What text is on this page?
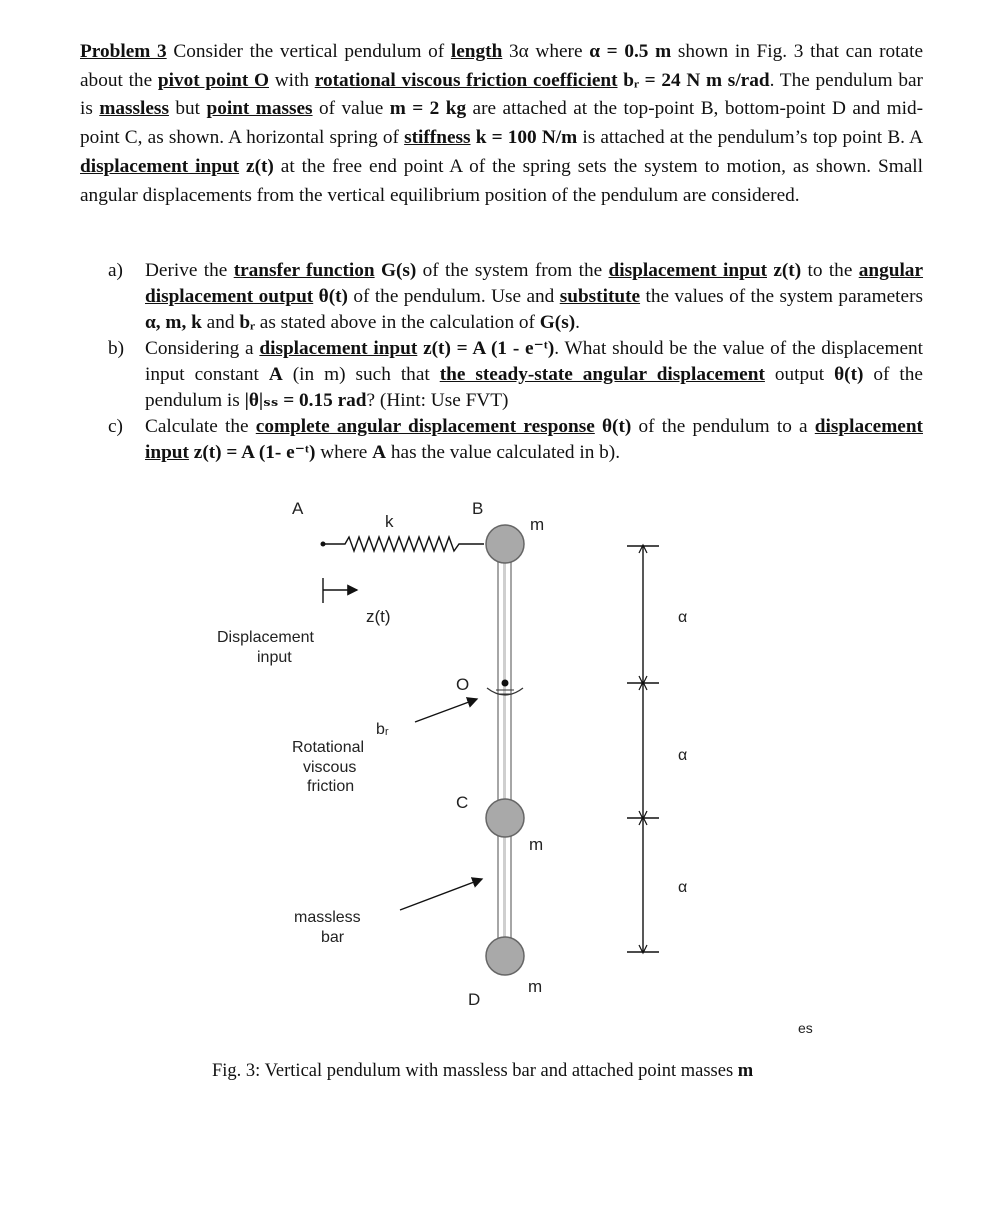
Problem 3 Consider the vertical pendulum of length 3α where α = 0.5 m shown in Fig. 3 that can rotate about the pivot point O with rotational viscous friction coefficient bᵣ = 24 N m s/rad. The pendulum bar is massless but point masses of value m = 2 kg are attached at the top-point B, bottom-point D and mid-point C, as shown. A horizontal spring of stiffness k = 100 N/m is attached at the pendulum’s top point B. A displacement input z(t) at the free end point A of the spring sets the system to motion, as shown. Small angular displacements from the vertical equilibrium position of the pendulum are considered.
a)	Derive the transfer function G(s) of the system from the displacement input z(t) to the angular displacement output θ(t) of the pendulum. Use and substitute the values of the system parameters α, m, k and bᵣ as stated above in the calculation of G(s).
b)	Considering a displacement input z(t) = A (1 - e⁻ᵗ). What should be the value of the displacement input constant A (in m) such that the steady-state angular displacement output θ(t) of the pendulum is |θ|ₛₛ = 0.15 rad? (Hint: Use FVT)
c)	Calculate the complete angular displacement response θ(t) of the pendulum to a displacement input z(t) = A (1- e⁻ᵗ) where A has the value calculated in b).
A	B
k	m
z(t)
Displacement
input
O
α
bᵣ
Rotational
viscous
friction
α
C
m
α
massless
bar
m
D
es
Fig. 3: Vertical pendulum with massless bar and attached point masses m
